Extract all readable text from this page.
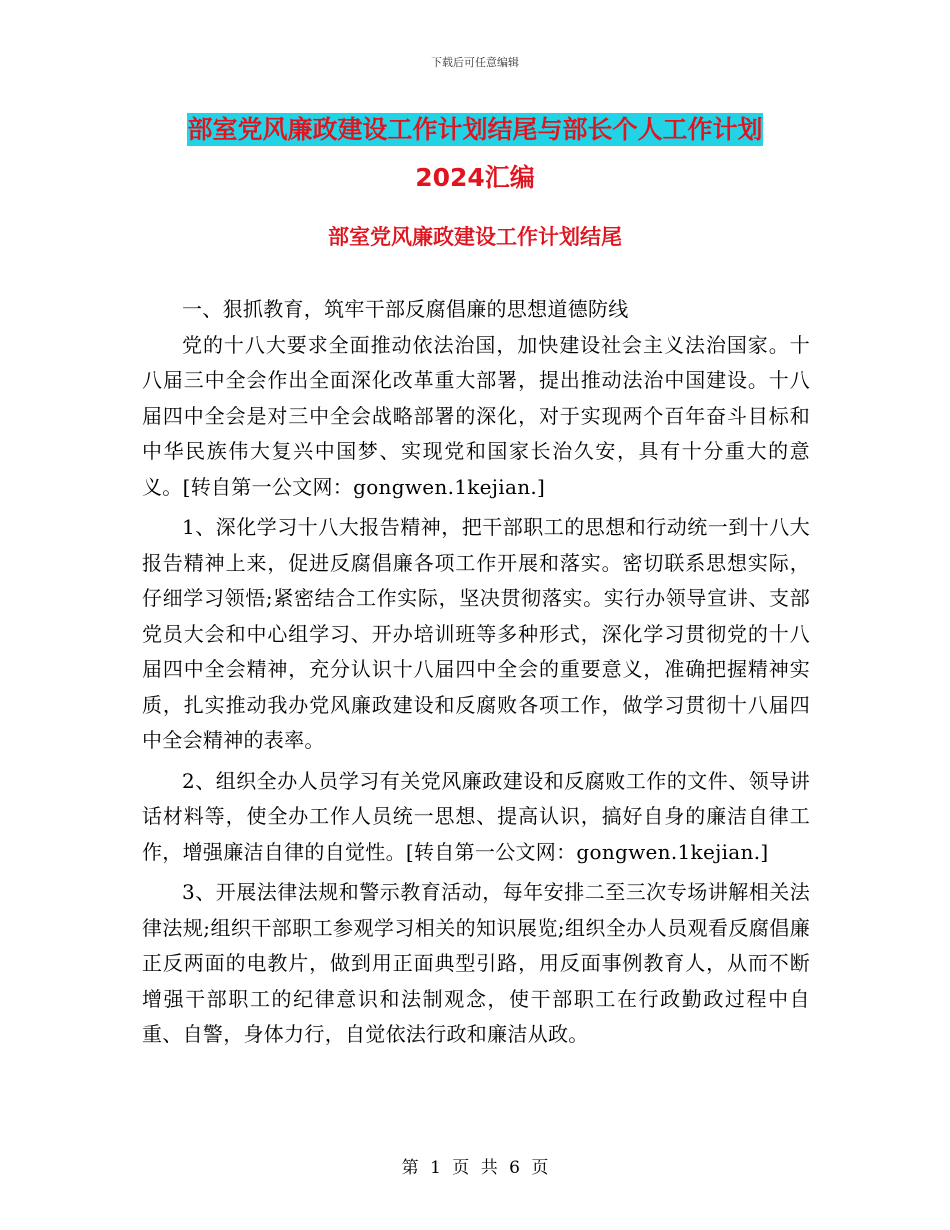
下载后可任意编辑
部室党风廉政建设工作计划结尾与部长个人工作计划
2024汇编
部室党风廉政建设工作计划结尾

一、狠抓教育，筑牢干部反腐倡廉的思想道德防线

党的十八大要求全面推动依法治国，加快建设社会主义法治国家。十八届三中全会作出全面深化改革重大部署，提出推动法治中国建设。十八届四中全会是对三中全会战略部署的深化，对于实现两个百年奋斗目标和中华民族伟大复兴中国梦、实现党和国家长治久安，具有十分重大的意义。[转自第一公文网：gongwen.1kejian.]

1、深化学习十八大报告精神，把干部职工的思想和行动统一到十八大报告精神上来，促进反腐倡廉各项工作开展和落实。密切联系思想实际，仔细学习领悟;紧密结合工作实际，坚决贯彻落实。实行办领导宣讲、支部党员大会和中心组学习、开办培训班等多种形式，深化学习贯彻党的十八届四中全会精神，充分认识十八届四中全会的重要意义，准确把握精神实质，扎实推动我办党风廉政建设和反腐败各项工作，做学习贯彻十八届四中全会精神的表率。

2、组织全办人员学习有关党风廉政建设和反腐败工作的文件、领导讲话材料等，使全办工作人员统一思想、提高认识，搞好自身的廉洁自律工作，增强廉洁自律的自觉性。[转自第一公文网：gongwen.1kejian.]

3、开展法律法规和警示教育活动，每年安排二至三次专场讲解相关法律法规;组织干部职工参观学习相关的知识展览;组织全办人员观看反腐倡廉正反两面的电教片，做到用正面典型引路，用反面事例教育人，从而不断增强干部职工的纪律意识和法制观念，使干部职工在行政勤政过程中自重、自警，身体力行，自觉依法行政和廉洁从政。

第 1 页 共 6 页
